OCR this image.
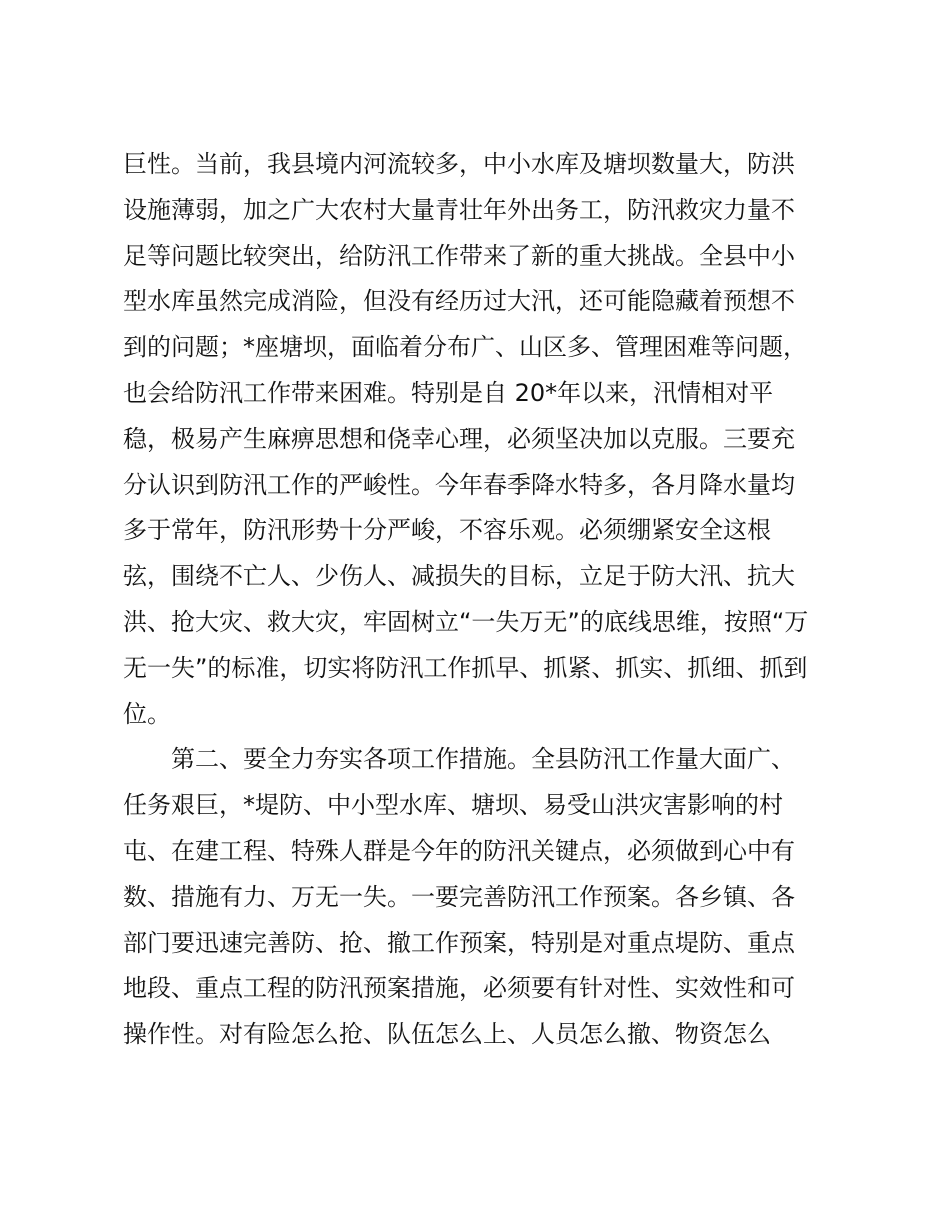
巨性。当前，我县境内河流较多，中小水库及塘坝数量大，防洪
设施薄弱，加之广大农村大量青壮年外出务工，防汛救灾力量不
足等问题比较突出，给防汛工作带来了新的重大挑战。全县中小
型水库虽然完成消险，但没有经历过大汛，还可能隐藏着预想不
到的问题；*座塘坝，面临着分布广、山区多、管理困难等问题，
也会给防汛工作带来困难。特别是自 20*年以来，汛情相对平
稳，极易产生麻痹思想和侥幸心理，必须坚决加以克服。三要充
分认识到防汛工作的严峻性。今年春季降水特多，各月降水量均
多于常年，防汛形势十分严峻，不容乐观。必须绷紧安全这根
弦，围绕不亡人、少伤人、减损失的目标，立足于防大汛、抗大
洪、抢大灾、救大灾，牢固树立“一失万无”的底线思维，按照“万
无一失”的标准，切实将防汛工作抓早、抓紧、抓实、抓细、抓到
位。
第二、要全力夯实各项工作措施。全县防汛工作量大面广、
任务艰巨，*堤防、中小型水库、塘坝、易受山洪灾害影响的村
屯、在建工程、特殊人群是今年的防汛关键点，必须做到心中有
数、措施有力、万无一失。一要完善防汛工作预案。各乡镇、各
部门要迅速完善防、抢、撤工作预案，特别是对重点堤防、重点
地段、重点工程的防汛预案措施，必须要有针对性、实效性和可
操作性。对有险怎么抢、队伍怎么上、人员怎么撤、物资怎么
